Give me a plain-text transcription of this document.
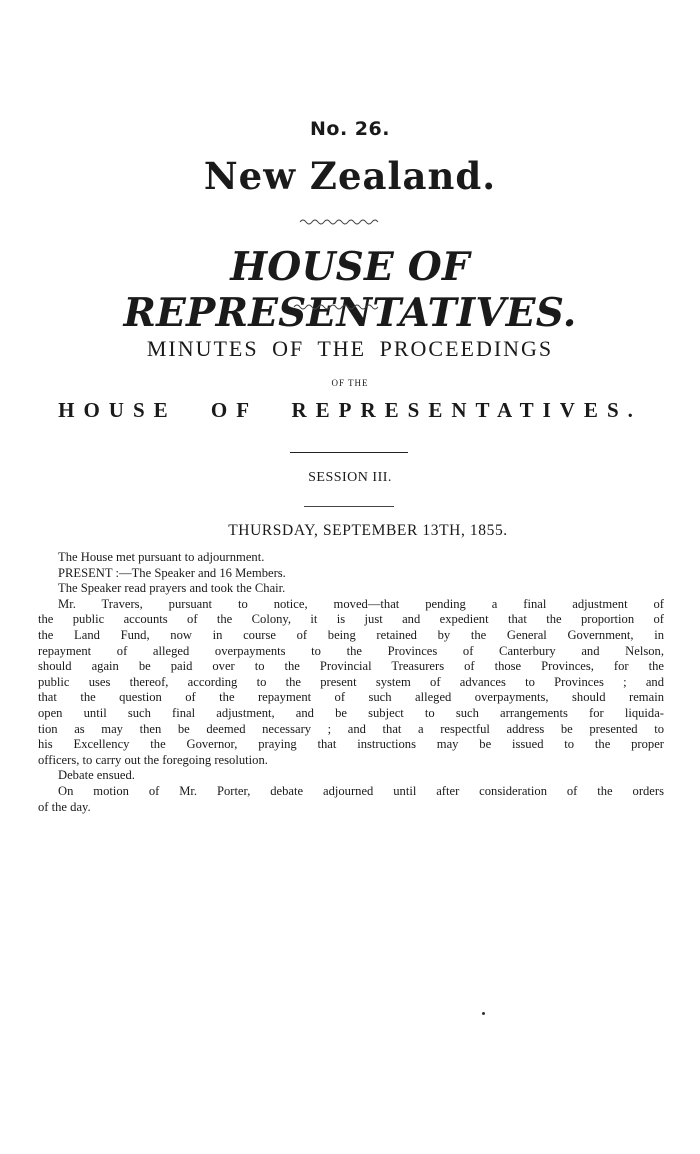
No. 26.
New Zealand.
HOUSE OF REPRESENTATIVES.
MINUTES OF THE PROCEEDINGS
OF THE
HOUSE OF REPRESENTATIVES.
SESSION III.
THURSDAY, SEPTEMBER 13TH, 1855.
The House met pursuant to adjournment.
PRESENT :—The Speaker and 16 Members.
The Speaker read prayers and took the Chair.
Mr. Travers, pursuant to notice, moved—that pending a final adjustment of
the public accounts of the Colony, it is just and expedient that the proportion of
the Land Fund, now in course of being retained by the General Government, in
repayment of alleged overpayments to the Provinces of Canterbury and Nelson,
should again be paid over to the Provincial Treasurers of those Provinces, for the
public uses thereof, according to the present system of advances to Provinces ; and
that the question of the repayment of such alleged overpayments, should remain
open until such final adjustment, and be subject to such arrangements for liquida-
tion as may then be deemed necessary ; and that a respectful address be presented to
his Excellency the Governor, praying that instructions may be issued to the proper
officers, to carry out the foregoing resolution.
Debate ensued.
On motion of Mr. Porter, debate adjourned until after consideration of the orders
of the day.
